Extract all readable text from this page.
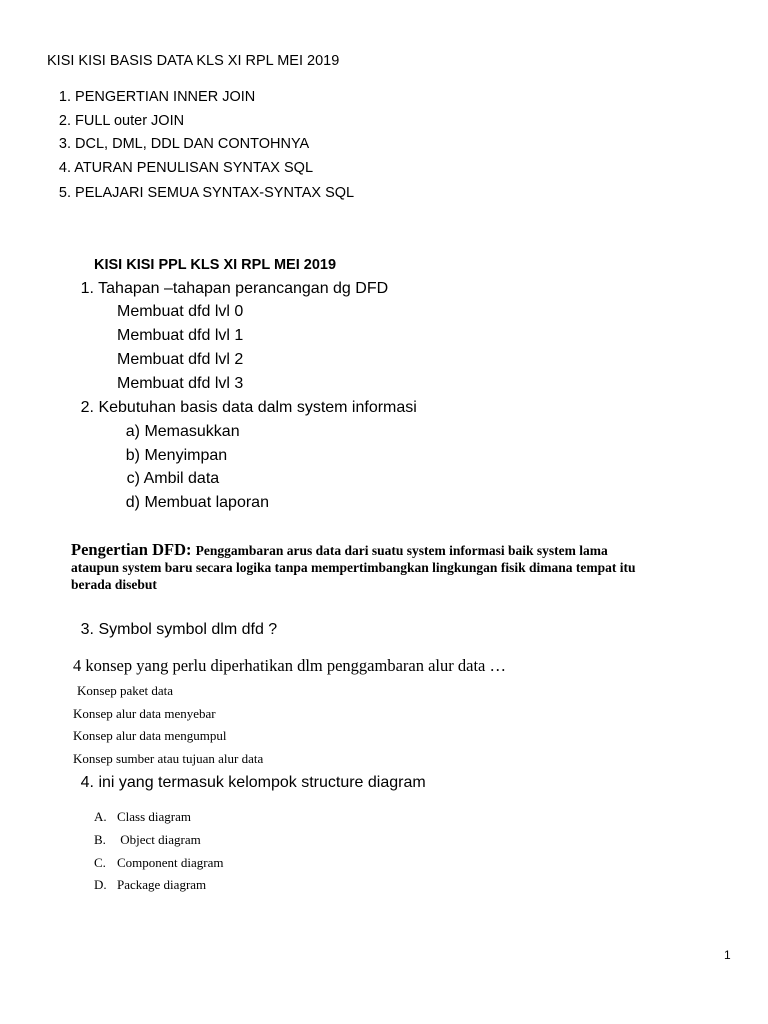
KISI KISI BASIS DATA KLS XI RPL MEI 2019
1. PENGERTIAN INNER JOIN
2. FULL outer JOIN
3. DCL, DML, DDL DAN CONTOHNYA
4. ATURAN PENULISAN SYNTAX SQL
5. PELAJARI SEMUA SYNTAX-SYNTAX SQL
KISI KISI PPL KLS XI RPL MEI 2019
1. Tahapan –tahapan perancangan dg DFD
Membuat dfd lvl 0
Membuat dfd lvl 1
Membuat dfd lvl 2
Membuat dfd lvl 3
2. Kebutuhan basis data dalm system informasi
a) Memasukkan
b) Menyimpan
c) Ambil data
d) Membuat laporan
Pengertian DFD: Penggambaran arus data dari suatu system informasi baik system lama
ataupun system baru secara logika tanpa mempertimbangkan lingkungan fisik dimana tempat itu
berada disebut
3. Symbol symbol dlm dfd ?
4 konsep yang perlu diperhatikan dlm penggambaran alur data …
Konsep paket data
Konsep alur data menyebar
Konsep alur data mengumpul
Konsep sumber atau tujuan alur data
4. ini yang termasuk kelompok structure diagram
A. Class diagram
B. Object diagram
C. Component diagram
D. Package diagram
1
